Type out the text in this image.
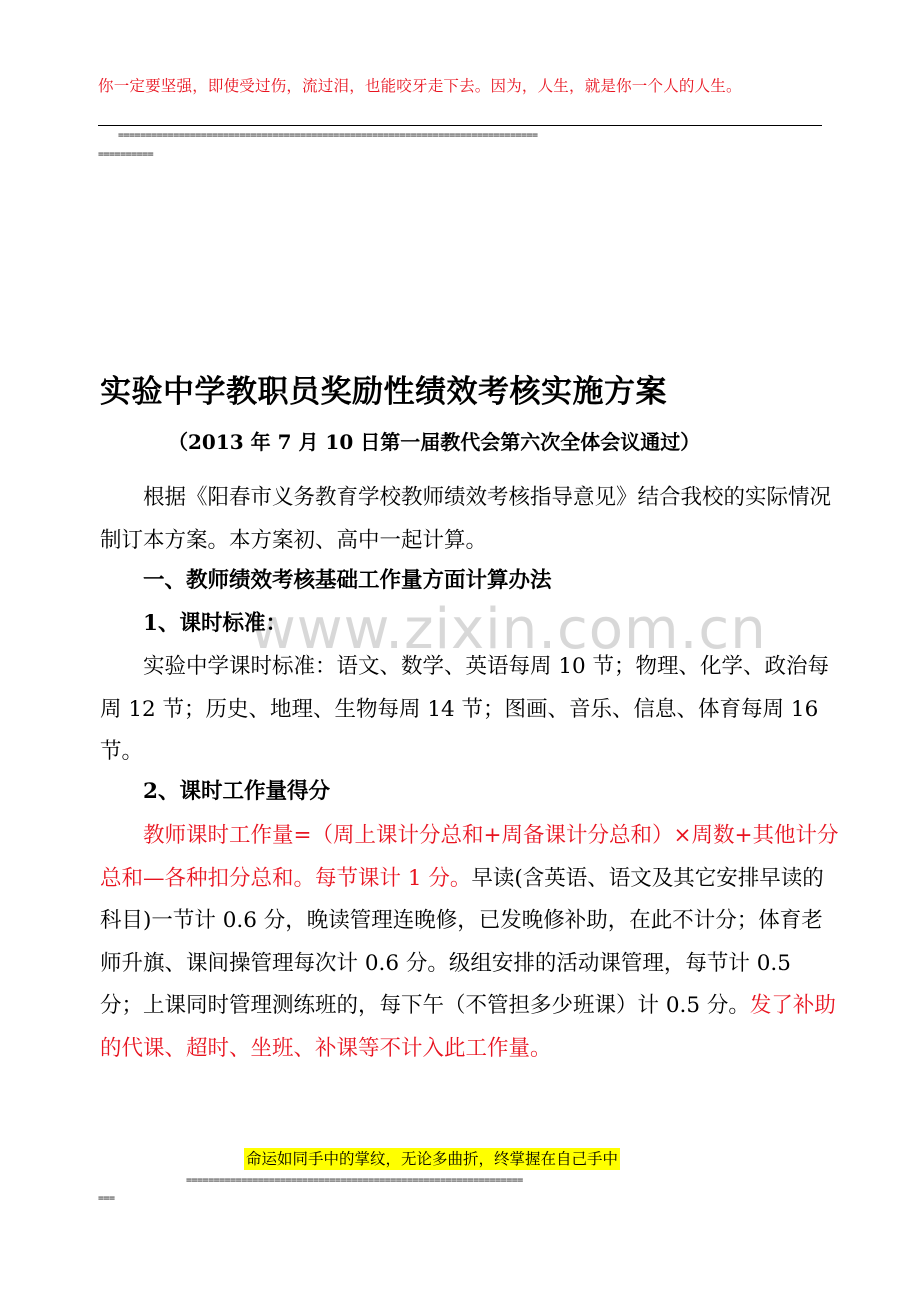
你一定要坚强，即使受过伤，流过泪，也能咬牙走下去。因为，人生，就是你一个人的人生。
============================================================================
==========
www.zixin.com.cn
实验中学教职员奖励性绩效考核实施方案
（2013 年 7 月 10 日第一届教代会第六次全体会议通过）
根据《阳春市义务教育学校教师绩效考核指导意见》结合我校的实际情况制订本方案。本方案初、高中一起计算。
一、教师绩效考核基础工作量方面计算办法
1、课时标准：
实验中学课时标准：语文、数学、英语每周 10 节；物理、化学、政治每周 12 节；历史、地理、生物每周 14 节；图画、音乐、信息、体育每周 16 节。
2、课时工作量得分
教师课时工作量=（周上课计分总和+周备课计分总和）×周数+其他计分总和—各种扣分总和。每节课计 1 分。早读(含英语、语文及其它安排早读的科目)一节计 0.6 分，晚读管理连晚修，已发晚修补助，在此不计分；体育老师升旗、课间操管理每次计 0.6 分。级组安排的活动课管理，每节计 0.5 分；上课同时管理测练班的，每下午（不管担多少班课）计 0.5 分。发了补助的代课、超时、坐班、补课等不计入此工作量。
命运如同手中的掌纹，无论多曲折，终掌握在自己手中
=============================================================
===
